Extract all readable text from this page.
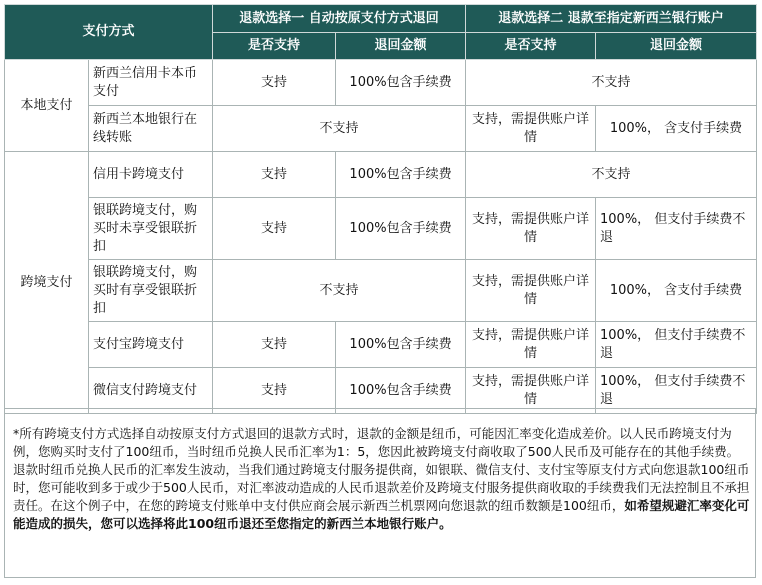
支付方式		退款选择一 自动按原支付方式退回		退款选择二 退款至指定新西兰银行账户	
		是否支持	退回金额	是否支持	退回金额
本地支付	新西兰信用卡本币支付	支持	100%包含手续费	不支持	
	新西兰本地银行在线转账	不支持		支持，需提供账户详情	100%， 含支付手续费
跨境支付	信用卡跨境支付	支持	100%包含手续费	不支持	
	银联跨境支付，购买时未享受银联折扣	支持	100%包含手续费	支持，需提供账户详情	100%， 但支付手续费不退
	银联跨境支付，购买时有享受银联折扣	不支持		支持，需提供账户详情	100%， 含支付手续费
	支付宝跨境支付	支持	100%包含手续费	支持，需提供账户详情	100%， 但支付手续费不退
	微信支付跨境支付	支持	100%包含手续费	支持，需提供账户详情	100%， 但支付手续费不退
*所有跨境支付方式选择自动按原支付方式退回的退款方式时，退款的金额是纽币，可能因汇率变化造成差价。以人民币跨境支付为例，您购买时支付了100纽币，当时纽币兑换人民币汇率为1：5，您因此被跨境支付商收取了500人民币及可能存在的其他手续费。退款时纽币兑换人民币的汇率发生波动，当我们通过跨境支付服务提供商，如银联、微信支付、支付宝等原支付方式向您退款100纽币时，您可能收到多于或少于500人民币，对汇率波动造成的人民币退款差价及跨境支付服务提供商收取的手续费我们无法控制且不承担责任。在这个例子中，在您的跨境支付账单中支付供应商会展示新西兰机票网向您退款的纽币数额是100纽币，如希望规避汇率变化可能造成的损失，您可以选择将此100纽币退还至您指定的新西兰本地银行账户。
